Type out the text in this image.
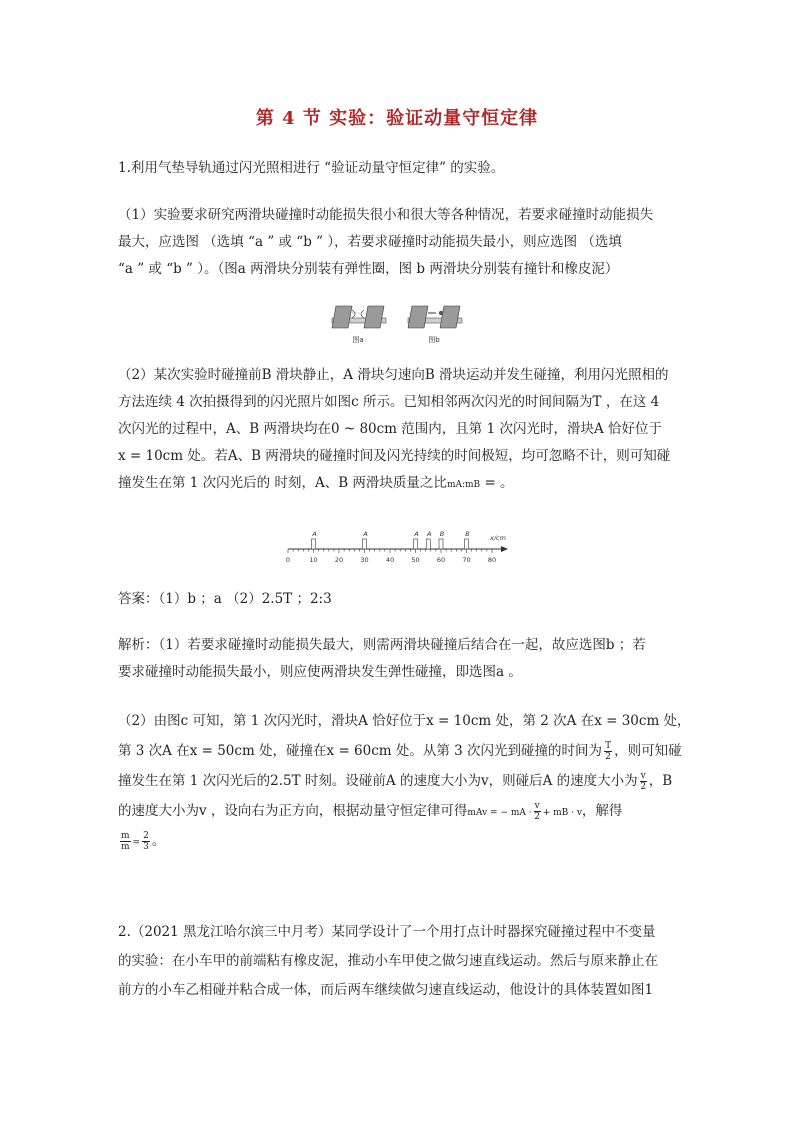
第 4 节 实验：验证动量守恒定律
1.利用气垫导轨通过闪光照相进行 “验证动量守恒定律” 的实验。
（1）实验要求研究两滑块碰撞时动能损失很小和很大等各种情况，若要求碰撞时动能损失
最大，应选图 （选填 “a ” 或 “b ” ），若要求碰撞时动能损失最小，则应选图 （选填
“a ” 或 “b ” ）。（图a 两滑块分别装有弹性圈，图 b 两滑块分别装有撞针和橡皮泥）
图a	图b
（2）某次实验时碰撞前B 滑块静止，A 滑块匀速向B 滑块运动并发生碰撞，利用闪光照相的
方法连续 4 次拍摄得到的闪光照片如图c 所示。已知相邻两次闪光的时间间隔为T ，在这 4
次闪光的过程中，A、B 两滑块均在0 ~ 80cm 范围内，且第 1 次闪光时，滑块A 恰好位于
x = 10cm 处。若A、B 两滑块的碰撞时间及闪光持续的时间极短，均可忽略不计，则可知碰
撞发生在第 1 次闪光后的 时刻，A、B 两滑块质量之比mA:mB = 。
0	10	20	30	40	50	60	70	80
A	A	A A B	B	x/cm
答案：（1）b ；a （2）2.5T ；2:3
解析：（1）若要求碰撞时动能损失最大，则需两滑块碰撞后结合在一起，故应选图b ；若
要求碰撞时动能损失最小，则应使两滑块发生弹性碰撞，即选图a 。
（2）由图c 可知，第 1 次闪光时，滑块A 恰好位于x = 10cm 处，第 2 次A 在x = 30cm 处，
第 3 次A 在x = 50cm 处，碰撞在x = 60cm 处。从第 3 次闪光到碰撞的时间为 $\frac{T}{2}$ ，则可知碰
撞发生在第 1 次闪光后的2.5T 时刻。设碰前A 的速度大小为v，则碰后A 的速度大小为 $\frac{v}{2}$ ，B
的速度大小为v ，设向右为正方向，根据动量守恒定律可得mAv = − mA · $\frac{v}{2}$ + mB · v，解得
$\frac{m}{m} = \frac{2}{3}$ 。
2.（2021 黑龙江哈尔滨三中月考）某同学设计了一个用打点计时器探究碰撞过程中不变量
的实验：在小车甲的前端粘有橡皮泥，推动小车甲使之做匀速直线运动。然后与原来静止在
前方的小车乙相碰并粘合成一体，而后两车继续做匀速直线运动，他设计的具体装置如图1
